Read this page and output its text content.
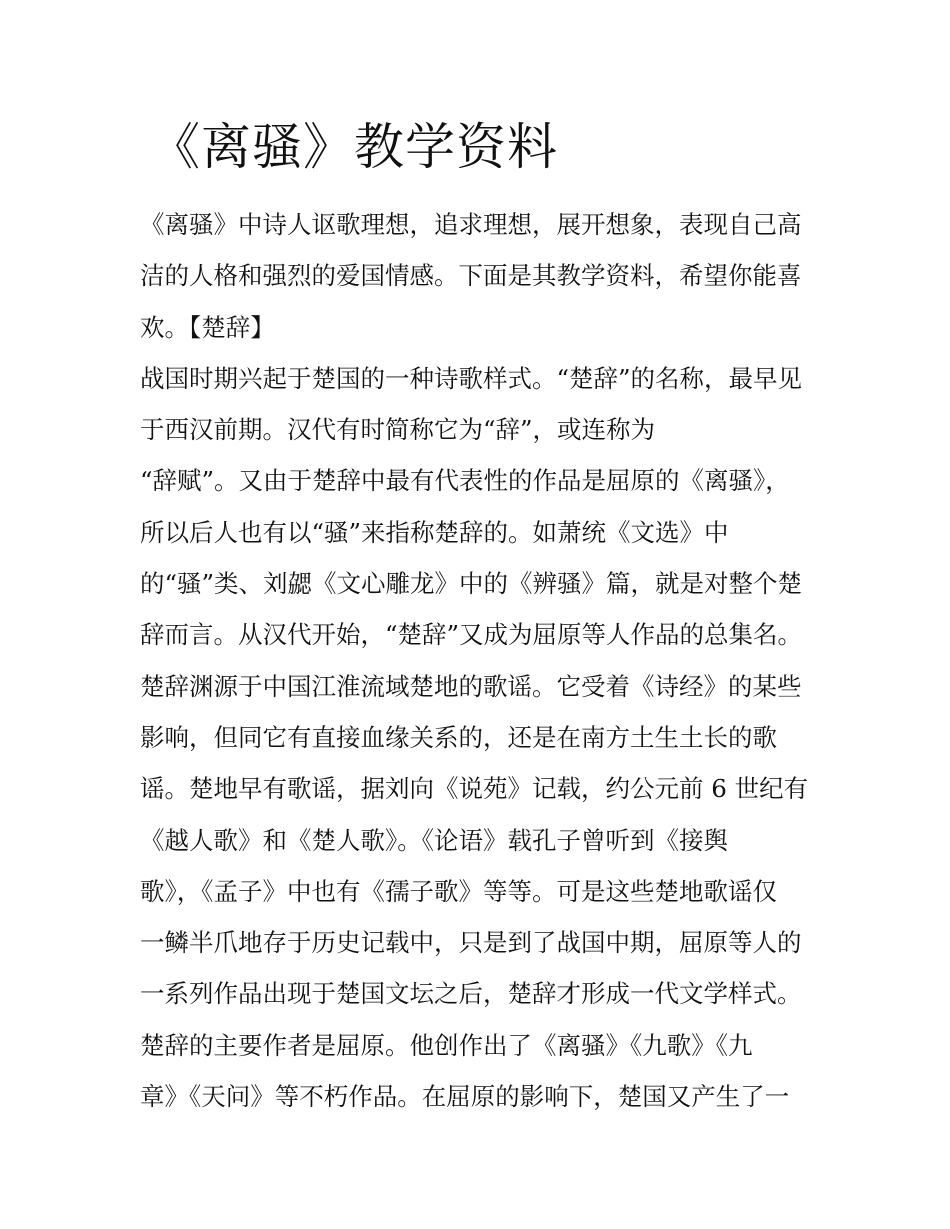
《离骚》教学资料
《离骚》中诗人讴歌理想，追求理想，展开想象，表现自己高
洁的人格和强烈的爱国情感。下面是其教学资料，希望你能喜
欢。【楚辞】
战国时期兴起于楚国的一种诗歌样式。“楚辞”的名称，最早见
于西汉前期。汉代有时简称它为“辞”，或连称为
“辞赋”。又由于楚辞中最有代表性的作品是屈原的《离骚》，
所以后人也有以“骚”来指称楚辞的。如萧统《文选》中
的“骚”类、刘勰《文心雕龙》中的《辨骚》篇，就是对整个楚
辞而言。从汉代开始，“楚辞”又成为屈原等人作品的总集名。
楚辞渊源于中国江淮流域楚地的歌谣。它受着《诗经》的某些
影响，但同它有直接血缘关系的，还是在南方土生土长的歌
谣。楚地早有歌谣，据刘向《说苑》记载，约公元前 6 世纪有
《越人歌》和《楚人歌》。《论语》载孔子曾听到《接舆
歌》，《孟子》中也有《孺子歌》等等。可是这些楚地歌谣仅
一鳞半爪地存于历史记载中，只是到了战国中期，屈原等人的
一系列作品出现于楚国文坛之后，楚辞才形成一代文学样式。
楚辞的主要作者是屈原。他创作出了《离骚》《九歌》《九
章》《天问》等不朽作品。在屈原的影响下，楚国又产生了一
